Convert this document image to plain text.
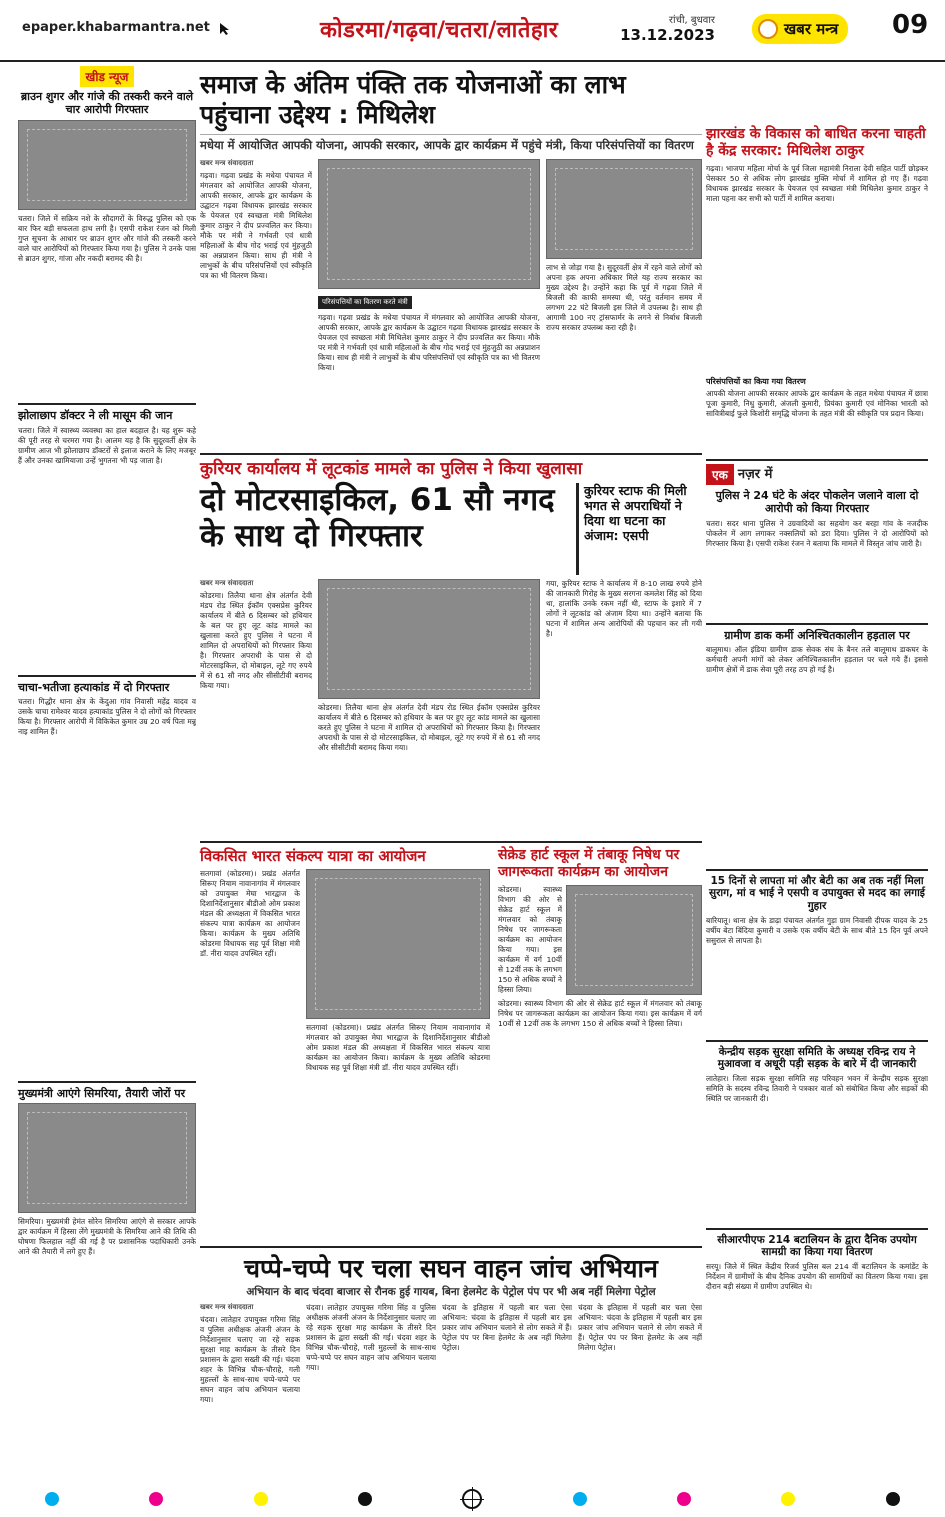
epaper.khabarmantra.net	कोडरमा/गढ़वा/चतरा/लातेहार	रांची, बुधवार
13.12.2023	खबर मन्त्र 09
खीड न्यूज
ब्राउन शुगर और गांजे की तस्करी करने वाले चार आरोपी गिरफ्तार
चतरा। जिले में सक्रिय नशे के सौदागरों के विरुद्ध पुलिस को एक बार फिर बड़ी सफलता हाथ लगी है। एसपी राकेश रंजन को मिली गुप्त सूचना के आधार पर ब्राउन शुगर और गांजे की तस्करी करने वाले चार आरोपियों को गिरफ्तार किया गया है। पुलिस ने उनके पास से ब्राउन शुगर, गांजा और नकदी बरामद की है।
झोलाछाप डॉक्टर ने ली मासूम की जान
चतरा। जिले में स्वास्थ्य व्यवस्था का हाल बदहाल है। यह शुरू कहे की पूरी तरह से चरमरा गया है। आलम यह है कि सुदूरवर्ती क्षेत्र के ग्रामीण आज भी झोलाछाप डॉक्टरों से इलाज कराने के लिए मजबूर हैं और उनका खामियाजा उन्हें भुगतना भी पड़ जाता है।
चाचा-भतीजा हत्याकांड में दो गिरफ्तार
चतरा। गिद्धौर थाना क्षेत्र के केंदुआ गांव निवासी महेंद्र यादव व उसके चाचा रामेश्वर यादव हत्याकांड पुलिस ने दो लोगों को गिरफ्तार किया है। गिरफ्तार आरोपी में विकिकेत कुमार उम्र 20 वर्ष पिता मन्नू नाइ शामिल हैं।
मुख्यमंत्री आएंगे सिमरिया, तैयारी जोरों पर
सिमरिया। मुख्यमंत्री हेमंत सोरेन सिमरिया आएंगे से सरकार आपके द्वार कार्यक्रम में हिस्सा लेंगे मुख्यमंत्री के सिमरिया आने की तिथि की घोषणा फिलहाल नहीं की गई है पर प्रशासनिक पदाधिकारी उनके आने की तैयारी में लगे हुए हैं।
समाज के अंतिम पंक्ति तक योजनाओं का लाभ पहुंचाना उद्देश्य : मिथिलेश
मधेया में आयोजित आपकी योजना, आपकी सरकार, आपके द्वार कार्यक्रम में पहुंचे मंत्री, किया परिसंपत्तियों का वितरण
खबर मन्त्र संवाददाता
गढ़वा। गढ़वा प्रखंड के मधेया पंचायत में मंगलवार को आयोजित आपकी योजना, आपकी सरकार, आपके द्वार कार्यक्रम के उद्घाटन गढ़वा विधायक झारखंड सरकार के पेयजल एवं स्वच्छता मंत्री मिथिलेश कुमार ठाकुर ने दीप प्रज्वलित कर किया। मौके पर मंत्री ने गर्भवती एवं धात्री महिलाओं के बीच गोद भराई एवं मुंहजुठी का अन्नप्राशन किया। साथ ही मंत्री ने लाभुकों के बीच परिसंपत्तियों एवं स्वीकृति पत्र का भी वितरण किया।
परिसंपत्तियों का वितरण करते मंत्री
गढ़वा। गढ़वा प्रखंड के मधेया पंचायत में मंगलवार को आयोजित आपकी योजना, आपकी सरकार, आपके द्वार कार्यक्रम के उद्घाटन गढ़वा विधायक झारखंड सरकार के पेयजल एवं स्वच्छता मंत्री मिथिलेश कुमार ठाकुर ने दीप प्रज्वलित कर किया। मौके पर मंत्री ने गर्भवती एवं धात्री महिलाओं के बीच गोद भराई एवं मुंहजुठी का अन्नप्राशन किया। साथ ही मंत्री ने लाभुकों के बीच परिसंपत्तियों एवं स्वीकृति पत्र का भी वितरण किया।
लाभ से जोड़ा गया है। सुदूरवर्ती क्षेत्र में रहने वाले लोगों को अपना हक अपना अधिकार मिले यह राज्य सरकार का मुख्य उद्देश्य है। उन्होंने कहा कि पूर्व में गढ़वा जिले में बिजली की काफी समस्या थी, परंतु वर्तमान समय में लगभग 22 घंटे बिजली इस जिले में उपलब्ध है। साथ ही आगामी 100 नए ट्रांसफार्मर के लगने से निर्बाध बिजली राज्य सरकार उपलब्ध करा रही है।
कुरियर कार्यालय में लूटकांड मामले का पुलिस ने किया खुलासा
दो मोटरसाइकिल, 61 सौ नगद के साथ दो गिरफ्तार
कुरियर स्टाफ की मिली भगत से अपराधियों ने दिया था घटना का अंजाम: एसपी
खबर मन्त्र संवाददाता
कोडरमा। तिलैया थाना क्षेत्र अंतर्गत देवी मंडप रोड स्थित ईकॉम एक्सप्रेस कुरियर कार्यालय में बीते 6 दिसम्बर को हथियार के बल पर हुए लूट कांड मामले का खुलासा करते हुए पुलिस ने घटना में शामिल दो अपराधियों को गिरफ्तार किया है। गिरफ्तार अपराधी के पास से दो मोटरसाइकिल, दो मोबाइल, लूटे गए रुपये में से 61 सौ नगद और सीसीटीवी बरामद किया गया।
कोडरमा। तिलैया थाना क्षेत्र अंतर्गत देवी मंडप रोड स्थित ईकॉम एक्सप्रेस कुरियर कार्यालय में बीते 6 दिसम्बर को हथियार के बल पर हुए लूट कांड मामले का खुलासा करते हुए पुलिस ने घटना में शामिल दो अपराधियों को गिरफ्तार किया है। गिरफ्तार अपराधी के पास से दो मोटरसाइकिल, दो मोबाइल, लूटे गए रुपये में से 61 सौ नगद और सीसीटीवी बरामद किया गया।
गया, कुरियर स्टाफ ने कार्यालय में 8-10 लाख रुपये होने की जानकारी गिरोह के मुख्य सरगना कमलेश सिंह को दिया था, हालांकि उनके रकम नहीं थी, स्टाफ के इशारे में 7 लोगों ने लूटकांड को अंजाम दिया था। उन्होंने बताया कि घटना में शामिल अन्य आरोपियों की पहचान कर ली गयी है।
विकसित भारत संकल्प यात्रा का आयोजन
सतगावां (कोडरमा)। प्रखंड अंतर्गत सिरूए नियाम नावानागांव में मंगलवार को उपायुक्त मेघा भारद्वाज के दिशानिर्देशानुसार बीडीओ ओम प्रकाश मंडल की अध्यक्षता में विकसित भारत संकल्प यात्रा कार्यक्रम का आयोजन किया। कार्यक्रम के मुख्य अतिथि कोडरमा विधायक सह पूर्व शिक्षा मंत्री डॉ. नीरा यादव उपस्थित रहीं।
सतगावां (कोडरमा)। प्रखंड अंतर्गत सिरूए नियाम नावानागांव में मंगलवार को उपायुक्त मेघा भारद्वाज के दिशानिर्देशानुसार बीडीओ ओम प्रकाश मंडल की अध्यक्षता में विकसित भारत संकल्प यात्रा कार्यक्रम का आयोजन किया। कार्यक्रम के मुख्य अतिथि कोडरमा विधायक सह पूर्व शिक्षा मंत्री डॉ. नीरा यादव उपस्थित रहीं।
सेक्रेड हार्ट स्कूल में तंबाकू निषेध पर जागरूकता कार्यक्रम का आयोजन
कोडरमा। स्वास्थ्य विभाग की ओर से सेक्रेड हार्ट स्कूल में मंगलवार को तंबाकू निषेध पर जागरूकता कार्यक्रम का आयोजन किया गया। इस कार्यक्रम में वर्ग 10वीं से 12वीं तक के लगभग 150 से अधिक बच्चों ने हिस्सा लिया।
कोडरमा। स्वास्थ्य विभाग की ओर से सेक्रेड हार्ट स्कूल में मंगलवार को तंबाकू निषेध पर जागरूकता कार्यक्रम का आयोजन किया गया। इस कार्यक्रम में वर्ग 10वीं से 12वीं तक के लगभग 150 से अधिक बच्चों ने हिस्सा लिया।
चप्पे-चप्पे पर चला सघन वाहन जांच अभियान
अभियान के बाद चंदवा बाजार से रौनक हुई गायब, बिना हेलमेट के पेट्रोल पंप पर भी अब नहीं मिलेगा पेट्रोल
खबर मन्त्र संवाददाता
चंदवा। लातेहार उपायुक्त गरिमा सिंह व पुलिस अधीक्षक अंजनी अंजन के निर्देशानुसार चलाए जा रहे सड़क सुरक्षा माह कार्यक्रम के तीसरे दिन प्रशासन के द्वारा सख्ती की गई। चंदवा शहर के विभिन्न चौक-चौराहे, गली मुहल्लों के साथ-साथ चप्पे-चप्पे पर सघन वाहन जांच अभियान चलाया गया।
चंदवा। लातेहार उपायुक्त गरिमा सिंह व पुलिस अधीक्षक अंजनी अंजन के निर्देशानुसार चलाए जा रहे सड़क सुरक्षा माह कार्यक्रम के तीसरे दिन प्रशासन के द्वारा सख्ती की गई। चंदवा शहर के विभिन्न चौक-चौराहे, गली मुहल्लों के साथ-साथ चप्पे-चप्पे पर सघन वाहन जांच अभियान चलाया गया।
चंदवा के इतिहास में पहली बार चला ऐसा अभियान: चंदवा के इतिहास में पहली बार इस प्रकार जांच अभियान चलाने से लोग सकते में हैं। पेट्रोल पंप पर बिना हेलमेट के अब नहीं मिलेगा पेट्रोल।
चंदवा के इतिहास में पहली बार चला ऐसा अभियान: चंदवा के इतिहास में पहली बार इस प्रकार जांच अभियान चलाने से लोग सकते में हैं। पेट्रोल पंप पर बिना हेलमेट के अब नहीं मिलेगा पेट्रोल।
झारखंड के विकास को बाधित करना चाहती है केंद्र सरकार: मिथिलेश ठाकुर
गढ़वा। भाजपा महिला मोर्चा के पूर्व जिला महामंत्री निराला देवी सहित पार्टी छोड़कर पेसकार 50 से अधिक लोग झारखंड मुक्ति मोर्चा में शामिल हो गए हैं। गढ़वा विधायक झारखंड सरकार के पेयजल एवं स्वच्छता मंत्री मिथिलेश कुमार ठाकुर ने माला पहना कर सभी को पार्टी में शामिल कराया।
परिसंपत्तियों का किया गया वितरण
आपकी योजना आपकी सरकार आपके द्वार कार्यक्रम के तहत मधेया पंचायत में छात्रा पूजा कुमारी, निधु कुमारी, अंजली कुमारी, प्रियंका कुमारी एवं मोनिका भारती को सावित्रीबाई फुले किशोरी समृद्धि योजना के तहत मंत्री की स्वीकृति पत्र प्रदान किया।
एक नज़र में
पुलिस ने 24 घंटे के अंदर पोकलेन जलाने वाला दो आरोपी को किया गिरफ्तार
चतरा। सदर थाना पुलिस ने उग्रवादियों का सहयोग कर बरहा गांव के नजदीक पोकलेन में आग लगाकर नक्सलियों को डरा दिया। पुलिस ने दो आरोपियों को गिरफ्तार किया है। एसपी राकेश रंजन ने बताया कि मामले में विस्तृत जांच जारी है।
ग्रामीण डाक कर्मी अनिश्चितकालीन हड़ताल पर
बालूमाथ। ऑल इंडिया ग्रामीण डाक सेवक संघ के बैनर तले बालूमाथ डाकघर के कर्मचारी अपनी मांगों को लेकर अनिश्चितकालीन हड़ताल पर चले गये हैं। इससे ग्रामीण क्षेत्रों में डाक सेवा पूरी तरह ठप हो गई है।
15 दिनों से लापता मां और बेटी का अब तक नहीं मिला सुराग, मां व भाई ने एसपी व उपायुक्त से मदद का लगाई गुहार
बारियातू। थाना क्षेत्र के डाढ़ा पंचायत अंतर्गत गुड़ा ग्राम निवासी दीपक यादव के 25 वर्षीय बेटा बिंदिया कुमारी व उसके एक वर्षीय बेटी के साथ बीते 15 दिन पूर्व अपने ससुराल से लापता है।
केन्द्रीय सड़क सुरक्षा समिति के अध्यक्ष रविन्द्र राय ने मुआवजा व अधूरी पड़ी सड़क के बारे में दी जानकारी
लातेहार। जिला सड़क सुरक्षा समिति सह परिवहन भवन में केन्द्रीय सड़क सुरक्षा समिति के सदस्य रविन्द्र तिवारी ने पत्रकार वार्ता को संबोधित किया और सड़कों की स्थिति पर जानकारी दी।
सीआरपीएफ 214 बटालियन के द्वारा दैनिक उपयोग सामग्री का किया गया वितरण
सरयू। जिले में स्थित केंद्रीय रिजर्व पुलिस बल 214 वीं बटालियन के कमांडेंट के निर्देशन में ग्रामीणों के बीच दैनिक उपयोग की सामग्रियों का वितरण किया गया। इस दौरान बड़ी संख्या में ग्रामीण उपस्थित थे।
